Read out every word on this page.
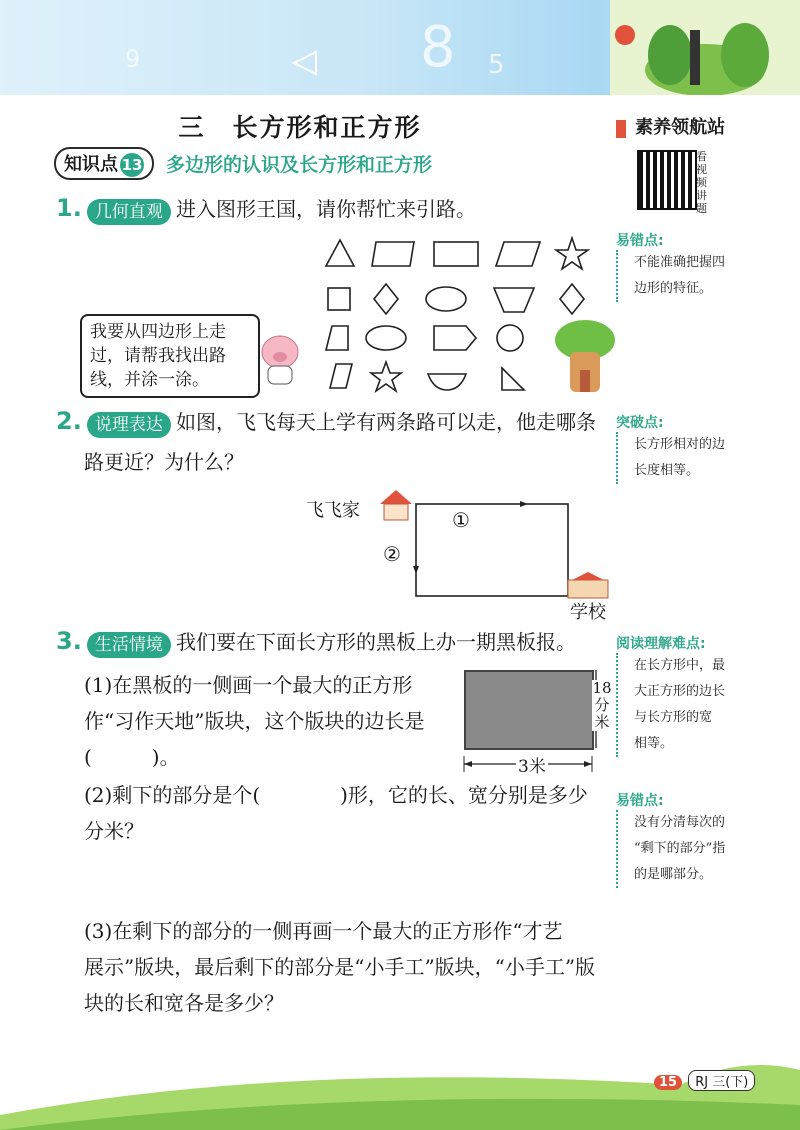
8 5
9
三　长方形和正方形
知识点 13	多边形的认识及长方形和正方形
素养领航站
看视频讲题
易错点:
不能准确把握四
边形的特征。
突破点:
长方形相对的边
长度相等。
阅读理解难点:
在长方形中，最
大正方形的边长
与长方形的宽
相等。
易错点:
没有分清每次的
“剩下的部分”指
的是哪部分。
1. 几何直观 进入图形王国，请你帮忙来引路。
我要从四边形上走
过，请帮我找出路
线，并涂一涂。
2. 说理表达 如图，飞飞每天上学有两条路可以走，他走哪条
路更近？为什么？
飞飞家	①
②
学校
3. 生活情境 我们要在下面长方形的黑板上办一期黑板报。
(1)在黑板的一侧画一个最大的正方形
作“习作天地”版块，这个版块的边长是
(　　　)。	3米
18分米
(2)剩下的部分是个(　　　　)形，它的长、宽分别是多少
分米？
(3)在剩下的部分的一侧再画一个最大的正方形作“才艺
展示”版块，最后剩下的部分是“小手工”版块，“小手工”版
块的长和宽各是多少？
15 RJ 三(下)
